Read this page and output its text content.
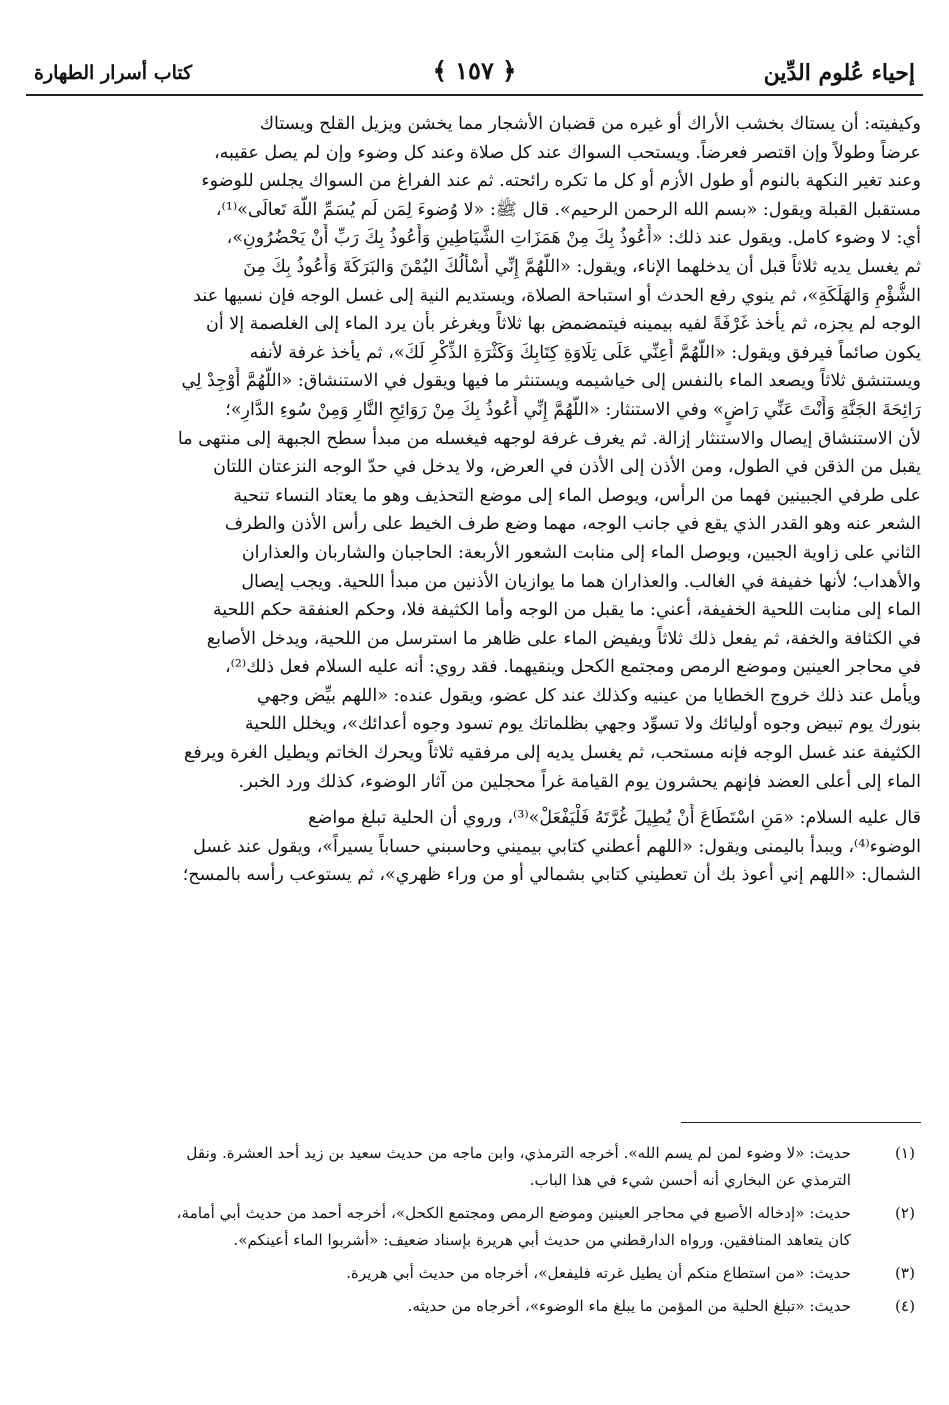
إحياء عُلوم الدِّين
﴿ ١٥٧ ﴾
كتاب أسرار الطهارة
وكيفيته: أن يستاك بخشب الأراك أو غيره من قضبان الأشجار مما يخشن ويزيل القلح ويستاك
عرضاً وطولاً وإن اقتصر فعرضاً. ويستحب السواك عند كل صلاة وعند كل وضوء وإن لم يصل عقيبه،
وعند تغير النكهة بالنوم أو طول الأزم أو كل ما تكره رائحته. ثم عند الفراغ من السواك يجلس للوضوء
مستقبل القبلة ويقول: «بسم الله الرحمن الرحيم». قال ﷺ: «لا وُضوءَ لِمَن لَم يُسَمِّ اللَّهَ تَعالَى»⁽¹⁾،
أي: لا وضوء كامل. ويقول عند ذلك: «أَعُوذُ بِكَ مِنْ هَمَزَاتِ الشَّيَاطِينِ وَأَعُوذُ بِكَ رَبِّ أَنْ يَحْضُرُونِ»،
ثم يغسل يديه ثلاثاً قبل أن يدخلهما الإناء، ويقول: «اللَّهُمَّ إِنِّي أَسْأَلُكَ اليُمْنَ وَالبَرَكَةَ وَأَعُوذُ بِكَ مِنَ
الشُّؤْمِ وَالهَلَكَةِ»، ثم ينوي رفع الحدث أو استباحة الصلاة، ويستديم النية إلى غسل الوجه فإن نسيها عند
الوجه لم يجزه، ثم يأخذ غَرْفَةً لفيه بيمينه فيتمضمض بها ثلاثاً ويغرغر بأن يرد الماء إلى الغلصمة إلا أن
يكون صائماً فيرفق ويقول: «اللَّهُمَّ أَعِنِّي عَلَى تِلَاوَةِ كِتَابِكَ وَكَثْرَةِ الذِّكْرِ لَكَ»، ثم يأخذ غرفة لأنفه
ويستنشق ثلاثاً ويصعد الماء بالنفس إلى خياشيمه ويستنثر ما فيها ويقول في الاستنشاق: «اللَّهُمَّ أَوْجِدْ لِي
رَائِحَةَ الجَنَّةِ وَأَنْتَ عَنِّي رَاضٍ» وفي الاستنثار: «اللَّهُمَّ إِنِّي أَعُوذُ بِكَ مِنْ رَوَائِحِ النَّارِ وَمِنْ سُوءِ الدَّارِ»؛
لأن الاستنشاق إيصال والاستنثار إزالة. ثم يغرف غرفة لوجهه فيغسله من مبدأ سطح الجبهة إلى منتهى ما
يقبل من الذقن في الطول، ومن الأذن إلى الأذن في العرض، ولا يدخل في حدّ الوجه النزعتان اللتان
على طرفي الجبينين فهما من الرأس، ويوصل الماء إلى موضع التحذيف وهو ما يعتاد النساء تنحية
الشعر عنه وهو القدر الذي يقع في جانب الوجه، مهما وضع طرف الخيط على رأس الأذن والطرف
الثاني على زاوية الجبين، ويوصل الماء إلى منابت الشعور الأربعة: الحاجبان والشاربان والعذاران
والأهداب؛ لأنها خفيفة في الغالب. والعذاران هما ما يوازيان الأذنين من مبدأ اللحية. ويجب إيصال
الماء إلى منابت اللحية الخفيفة، أعني: ما يقبل من الوجه وأما الكثيفة فلا، وحكم العنفقة حكم اللحية
في الكثافة والخفة، ثم يفعل ذلك ثلاثاً ويفيض الماء على ظاهر ما استرسل من اللحية، ويدخل الأصابع
في محاجر العينين وموضع الرمص ومجتمع الكحل وينقيهما. فقد روي: أنه عليه السلام فعل ذلك⁽²⁾،
ويأمل عند ذلك خروج الخطايا من عينيه وكذلك عند كل عضو، ويقول عنده: «اللهم بيِّض وجهي
بنورك يوم تبيض وجوه أوليائك ولا تسوِّد وجهي بظلماتك يوم تسود وجوه أعدائك»، ويخلل اللحية
الكثيفة عند غسل الوجه فإنه مستحب، ثم يغسل يديه إلى مرفقيه ثلاثاً ويحرك الخاتم ويطيل الغرة ويرفع
الماء إلى أعلى العضد فإنهم يحشرون يوم القيامة غراً محجلين من آثار الوضوء، كذلك ورد الخبر.
قال عليه السلام: «مَنِ اسْتَطَاعَ أَنْ يُطِيلَ غُرَّتَهُ فَلْيَفْعَلْ»⁽³⁾، وروي أن الحلية تبلغ مواضع
الوضوء⁽⁴⁾، ويبدأ باليمنى ويقول: «اللهم أعطني كتابي بيميني وحاسبني حساباً يسيراً»، ويقول عند غسل
الشمال: «اللهم إني أعوذ بك أن تعطيني كتابي بشمالي أو من وراء ظهري»، ثم يستوعب رأسه بالمسح؛
(١)
حديث: «لا وضوء لمن لم يسم الله». أخرجه الترمذي، وابن ماجه من حديث سعيد بن زيد أحد العشرة. ونقل
الترمذي عن البخاري أنه أحسن شيء في هذا الباب.
(٢)
حديث: «إدخاله الأصبع في محاجر العينين وموضع الرمص ومجتمع الكحل»، أخرجه أحمد من حديث أبي أمامة،
كان يتعاهد المنافقين. ورواه الدارقطني من حديث أبي هريرة بإسناد ضعيف: «أشربوا الماء أعينكم».
(٣)
حديث: «من استطاع منكم أن يطيل غرته فليفعل»، أخرجاه من حديث أبي هريرة.
(٤)
حديث: «تبلغ الحلية من المؤمن ما يبلغ ماء الوضوء»، أخرجاه من حديثه.
